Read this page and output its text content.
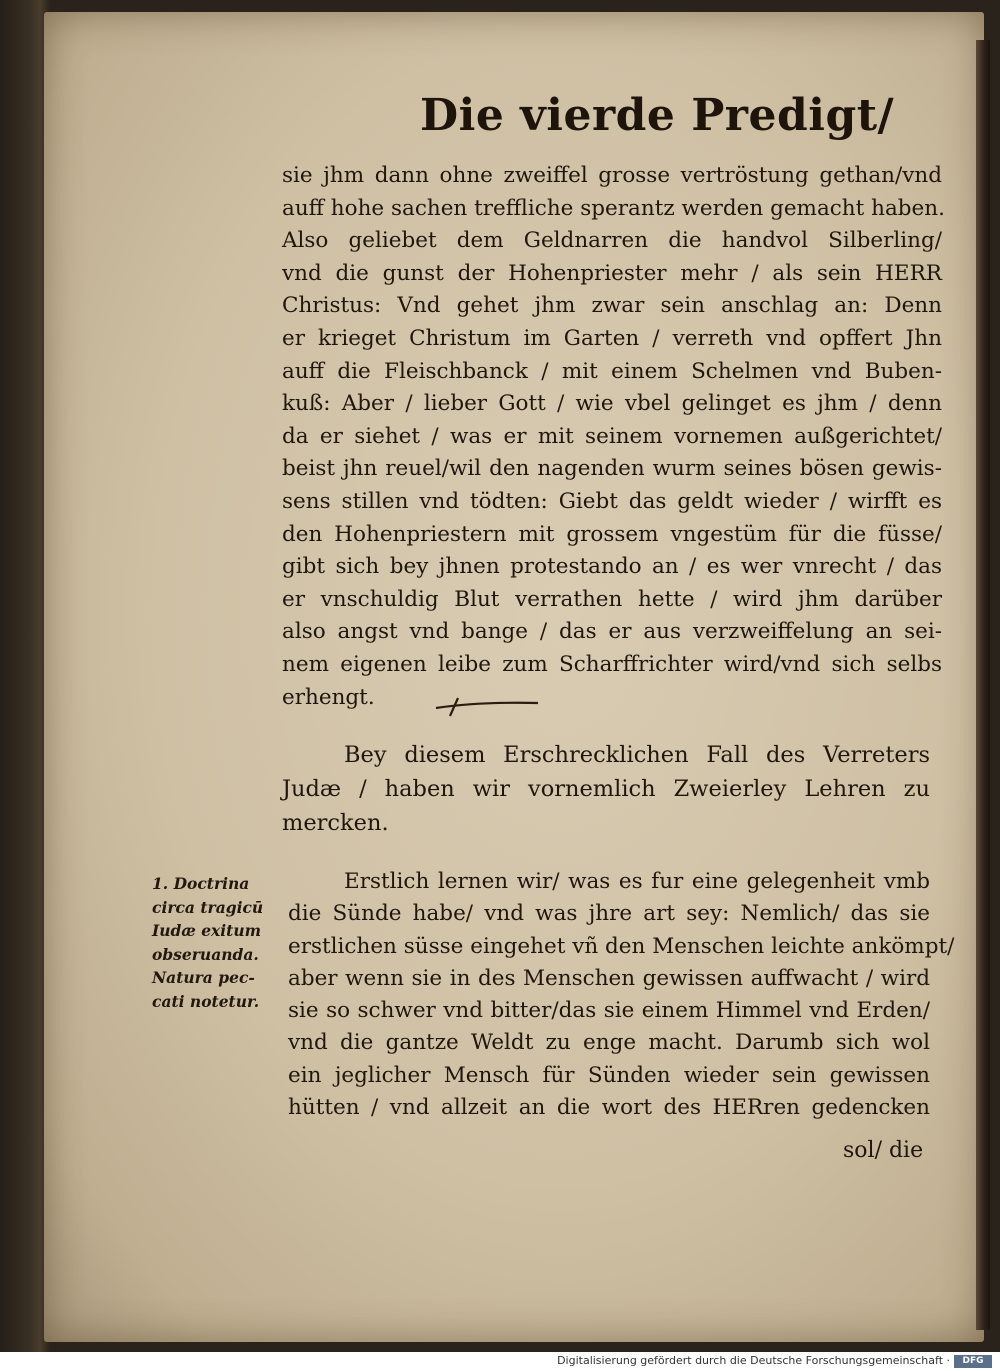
Die vierde Predigt/
sie jhm dann ohne zweiffel grosse vertröstung gethan/vnd
auff hohe sachen treffliche sperantz werden gemacht haben.
Also geliebet dem Geldnarren die handvol Silberling/
vnd die gunst der Hohenpriester mehr / als sein HERR
Christus: Vnd gehet jhm zwar sein anschlag an: Denn
er krieget Christum im Garten / verreth vnd opffert Jhn
auff die Fleischbanck / mit einem Schelmen vnd Buben-
kuß: Aber / lieber Gott / wie vbel gelinget es jhm / denn
da er siehet / was er mit seinem vornemen außgerichtet/
beist jhn reuel/wil den nagenden wurm seines bösen gewis-
sens stillen vnd tödten: Giebt das geldt wieder / wirfft es
den Hohenpriestern mit grossem vngestüm für die füsse/
gibt sich bey jhnen protestando an / es wer vnrecht / das
er vnschuldig Blut verrathen hette / wird jhm darüber
also angst vnd bange / das er aus verzweiffelung an sei-
nem eigenen leibe zum Scharffrichter wird/vnd sich selbs
erhengt.
Bey diesem Erschrecklichen Fall des Verreters
Judæ / haben wir vornemlich Zweierley Lehren zu
mercken.
1. Doctrina
circa tragicū
Iudæ exitum
obseruanda.
Natura pec-
cati notetur.
Erstlich lernen wir/ was es fur eine gelegenheit vmb
die Sünde habe/ vnd was jhre art sey: Nemlich/ das sie
erstlichen süsse eingehet vñ den Menschen leichte ankömpt/
aber wenn sie in des Menschen gewissen auffwacht / wird
sie so schwer vnd bitter/das sie einem Himmel vnd Erden/
vnd die gantze Weldt zu enge macht. Darumb sich wol
ein jeglicher Mensch für Sünden wieder sein gewissen
hütten / vnd allzeit an die wort des HERren gedencken
sol/ die
Digitalisierung gefördert durch die Deutsche Forschungsgemeinschaft ·	DFG
